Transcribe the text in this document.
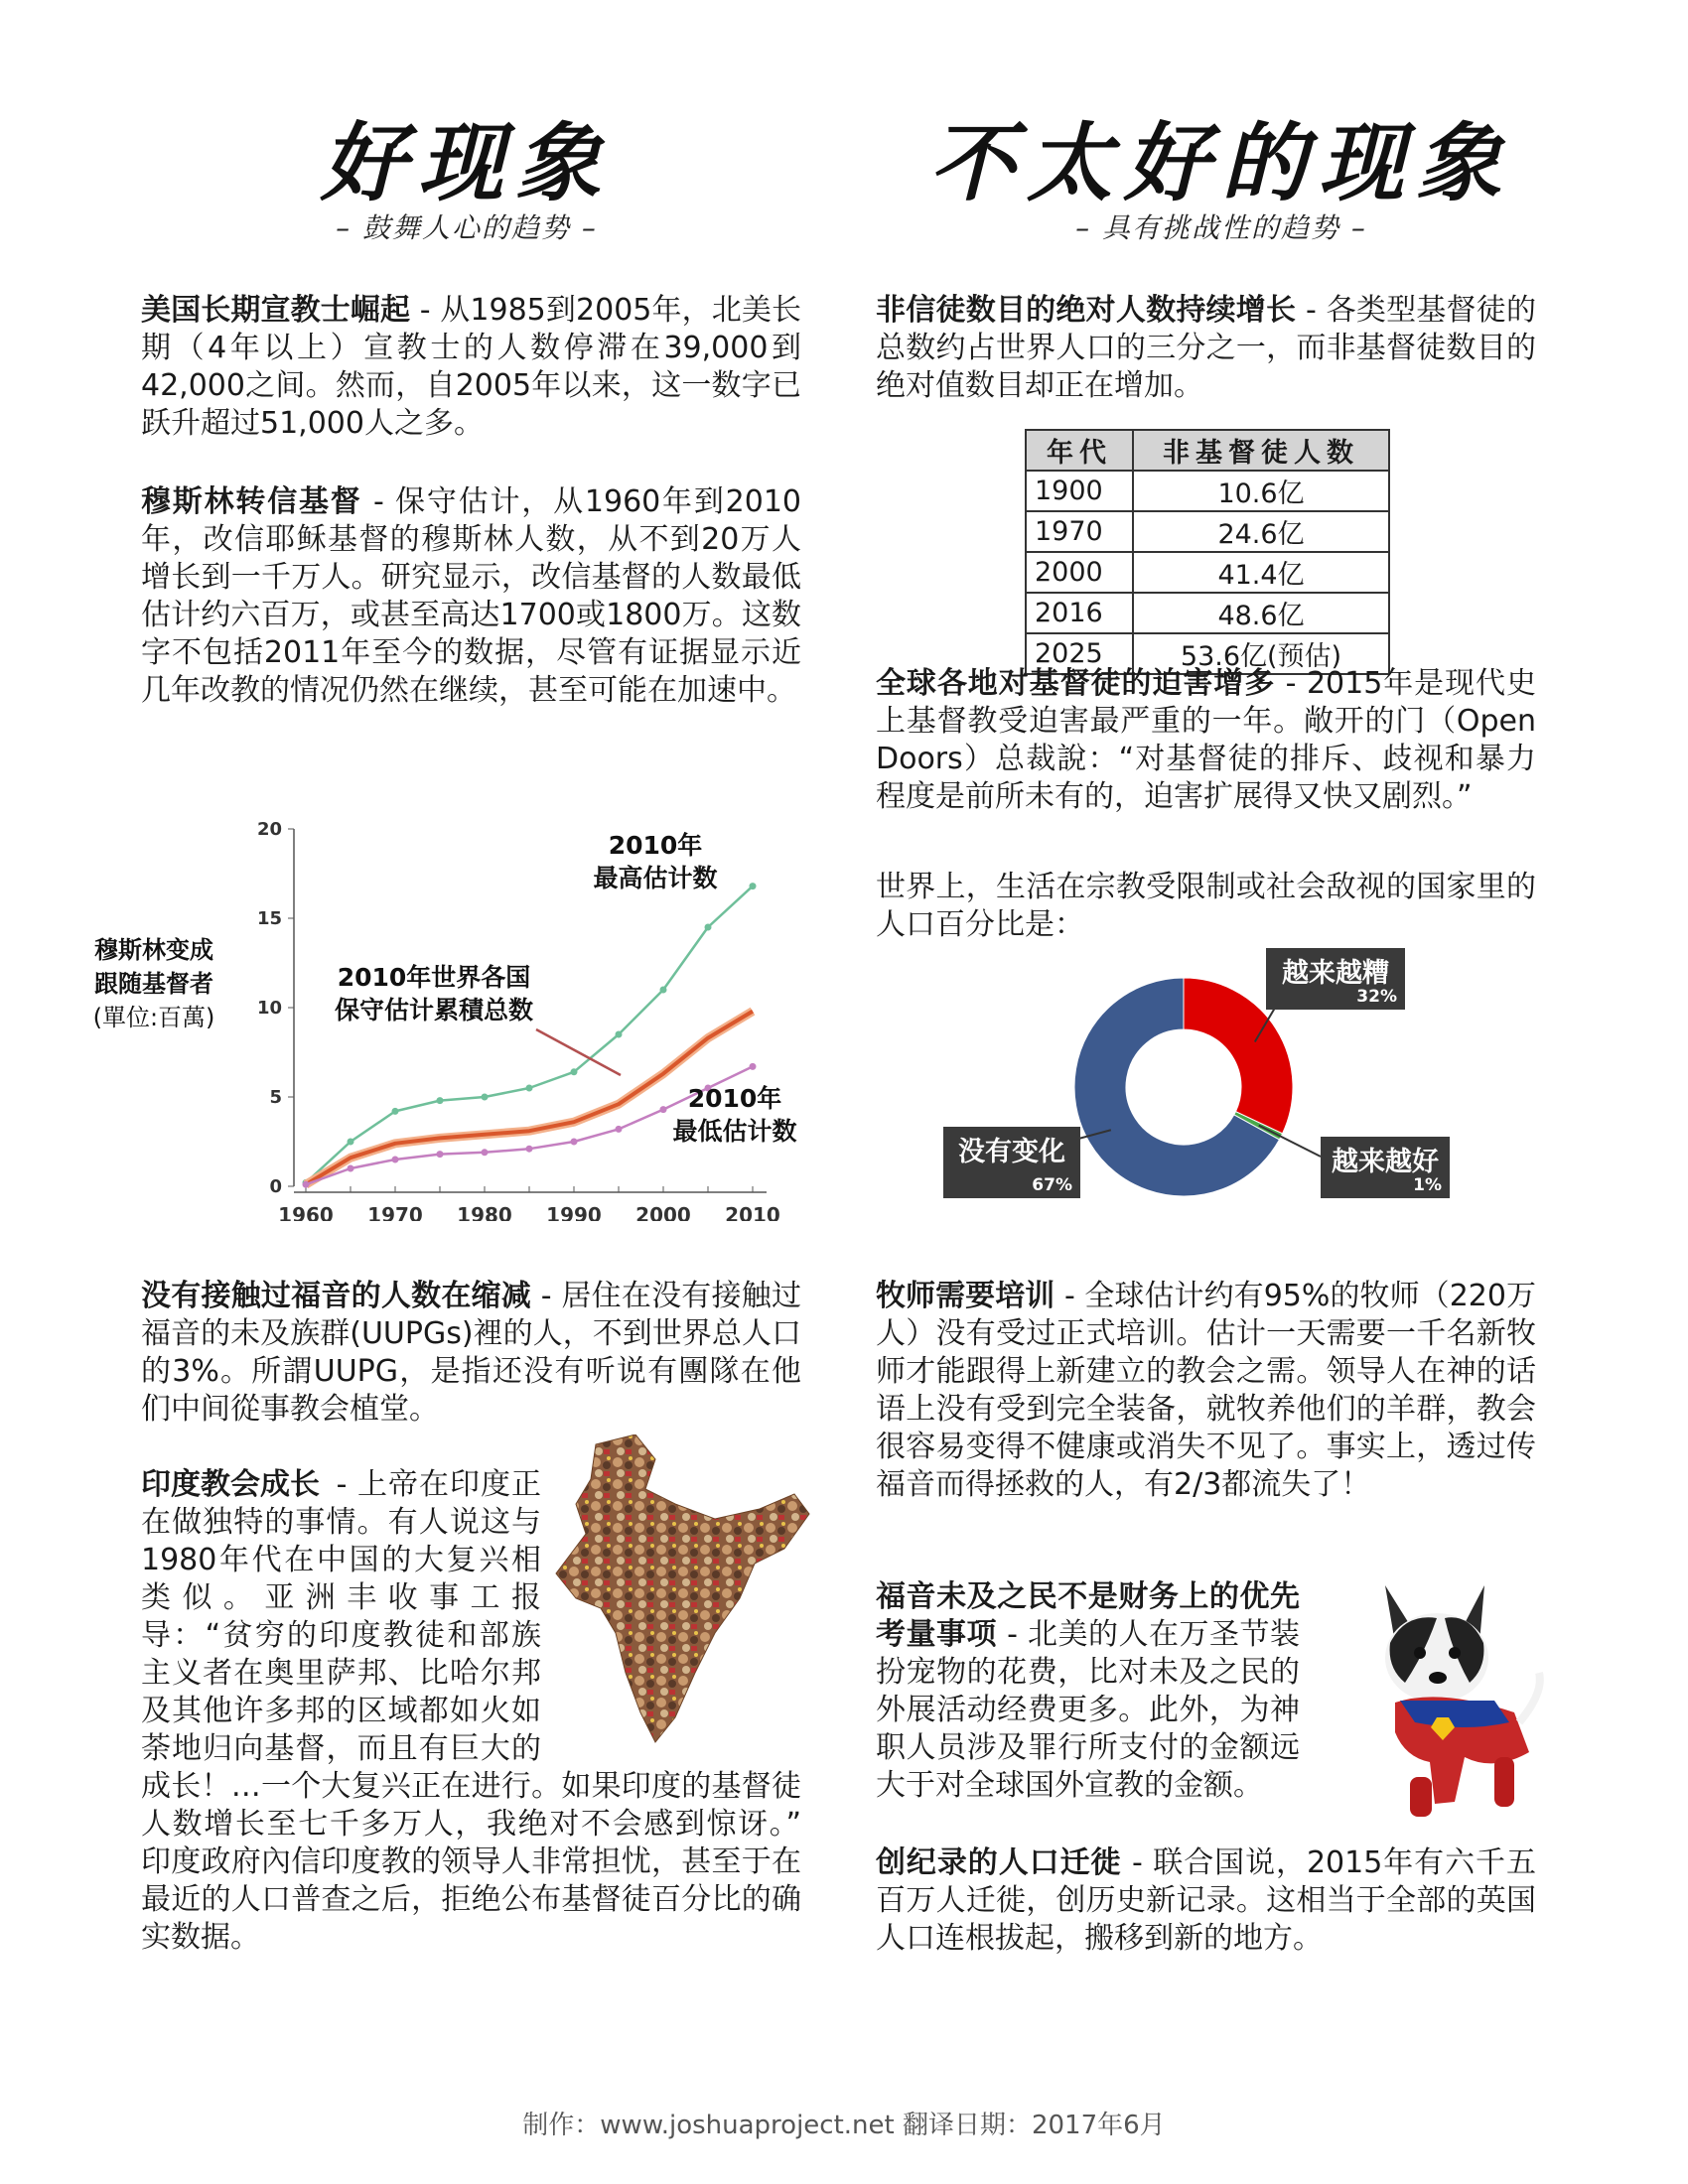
好现象
– 鼓舞人心的趋势 –
美国长期宣教士崛起 - 从1985到2005年，北美长期（4年以上）宣教士的人数停滞在39,000到42,000之间。然而，自2005年以来，这一数字已跃升超过51,000人之多。
穆斯林转信基督 - 保守估计，从1960年到2010年，改信耶稣基督的穆斯林人数，从不到20万人增长到一千万人。研究显示，改信基督的人数最低估计约六百万，或甚至高达1700或1800万。这数字不包括2011年至今的数据，尽管有证据显示近几年改教的情况仍然在继续，甚至可能在加速中。
0
5
10
15
20
1960 1970 1980 1990 2000 2010
穆斯林变成
跟随基督者
(單位:百萬)
2010年
最高估计数
2010年世界各国
保守估计累積总数
2010年
最低估计数
没有接触过福音的人数在缩减 - 居住在没有接触过福音的未及族群(UUPGs)裡的人，不到世界总人口的3%。所謂UUPG，是指还没有听说有團隊在他们中间從事教会植堂。
印度教会成长 - 上帝在印度正在做独特的事情。有人说这与1980年代在中国的大复兴相类似。亚洲丰收事工报导：“贫穷的印度教徒和部族主义者在奥里萨邦、比哈尔邦及其他许多邦的区域都如火如荼地归向基督，而且有巨大的成长！…一个大复兴正在进行。如果印度的基督徒人数增长至七千多万人，我绝对不会感到惊讶。” 印度政府內信印度教的领导人非常担忧，甚至于在最近的人口普查之后，拒绝公布基督徒百分比的确实数据。
不太好的现象
– 具有挑战性的趋势 –
非信徒数目的绝对人数持续增长 - 各类型基督徒的总数约占世界人口的三分之一，而非基督徒数目的绝对值数目却正在增加。
年代	非基督徒人数
1900	10.6亿
1970	24.6亿
2000	41.4亿
2016	48.6亿
2025	53.6亿(预估)
全球各地对基督徒的迫害增多 - 2015年是现代史上基督教受迫害最严重的一年。敞开的门（Open Doors）总裁說：“对基督徒的排斥、歧视和暴力程度是前所未有的，迫害扩展得又快又剧烈。”
世界上，生活在宗教受限制或社会敌视的国家里的人口百分比是：
越来越糟
32%
越来越好
1%
没有变化
67%
牧师需要培训 - 全球估计约有95%的牧师（220万人）没有受过正式培训。估计一天需要一千名新牧师才能跟得上新建立的教会之需。领导人在神的话语上没有受到完全装备，就牧养他们的羊群，教会很容易变得不健康或消失不见了。事实上，透过传福音而得拯救的人，有2/3都流失了！
福音未及之民不是财务上的优先考量事项 - 北美的人在万圣节装扮宠物的花费，比对未及之民的外展活动经费更多。此外，为神职人员涉及罪行所支付的金额远大于对全球国外宣教的金额。
创纪录的人口迁徙 - 联合国说，2015年有六千五百万人迁徙，创历史新记录。这相当于全部的英国人口连根拔起，搬移到新的地方。
制作：www.joshuaproject.net 翻译日期：2017年6月
